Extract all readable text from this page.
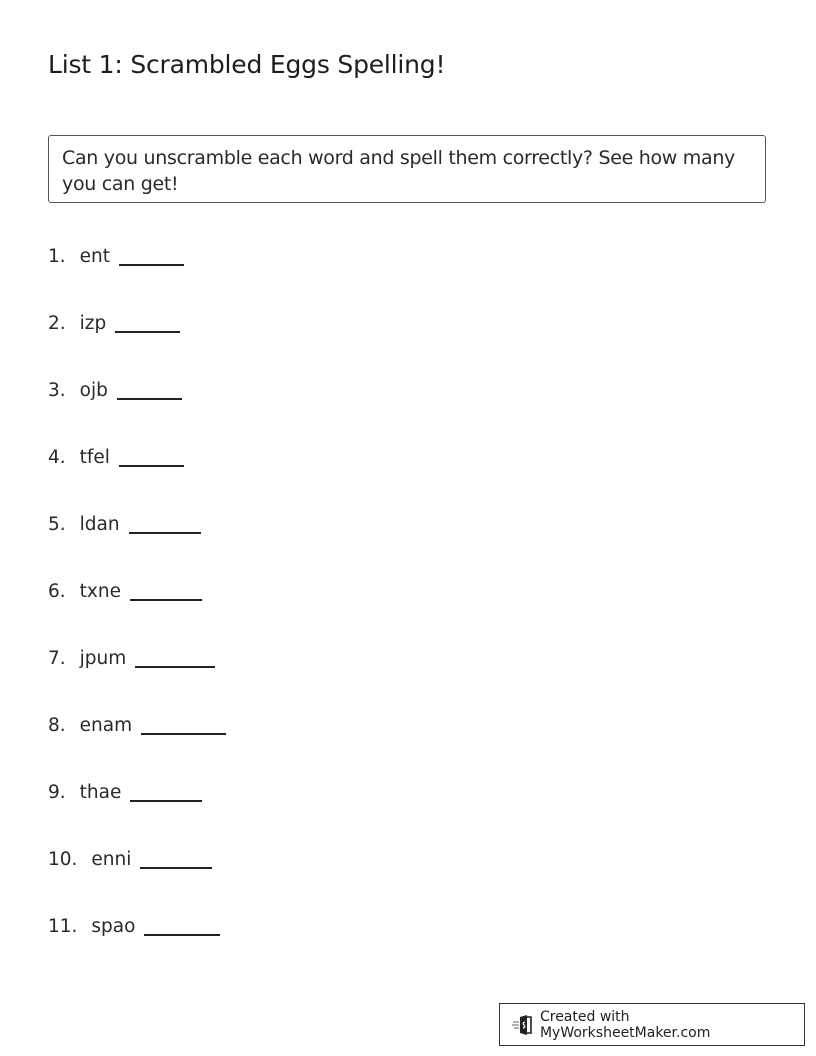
List 1: Scrambled Eggs Spelling!
Can you unscramble each word and spell them correctly? See how many you can get!
1. ent
2. izp
3. ojb
4. tfel
5. ldan
6. txne
7. jpum
8. enam
9. thae
10. enni
11. spao
Created with MyWorksheetMaker.com
